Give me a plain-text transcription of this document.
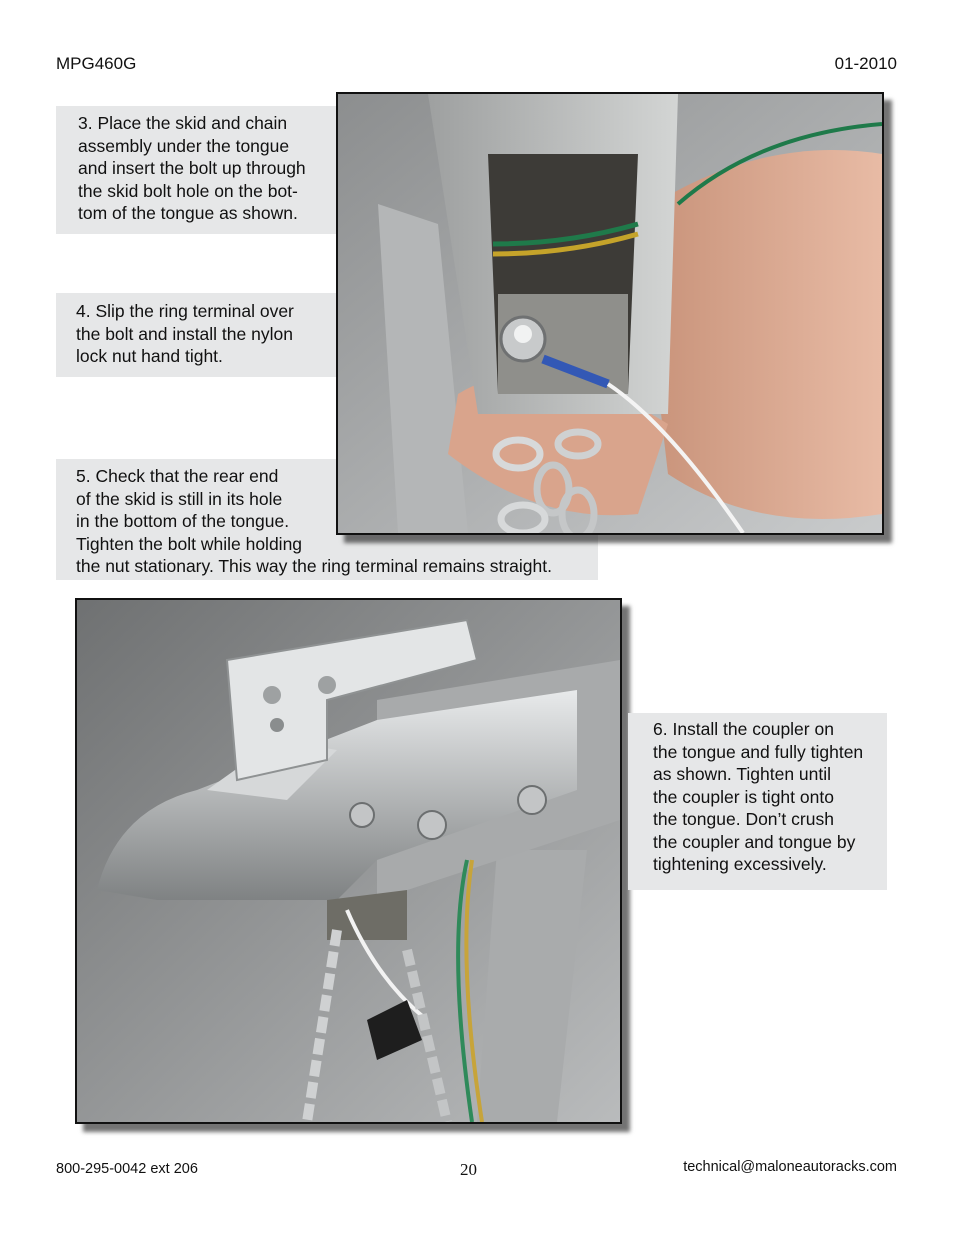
MPG460G	01-2010
5. Check that the rear end
of the skid is still in its hole
in the bottom of the tongue.
Tighten the bolt while holding
the nut stationary. This way the ring terminal remains straight.
3. Place the skid and chain
assembly under the tongue
and insert the bolt up through
the skid bolt hole on the bot-
tom of the tongue as shown.
4. Slip the ring terminal over
the bolt and install the nylon
lock nut hand tight.
6. Install the coupler on
the tongue and fully tighten
as shown. Tighten until
the coupler is tight onto
the tongue. Don’t crush
the coupler and tongue by
tightening excessively.
800-295-0042 ext 206	20	technical@maloneautoracks.com
